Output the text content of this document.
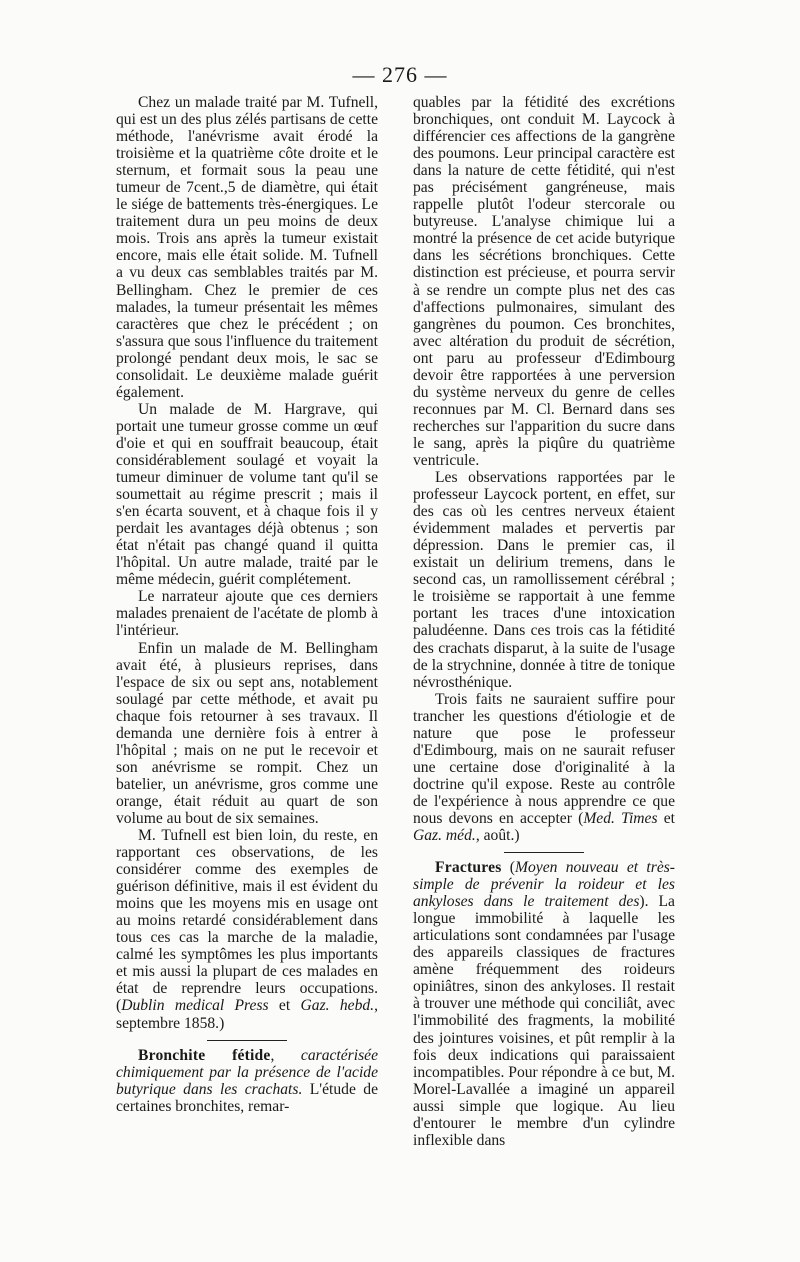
— 276 —

Chez un malade traité par M. Tufnell, qui est un des plus zélés partisans de cette méthode, l'anévrisme avait érodé la troisième et la quatrième côte droite et le sternum, et formait sous la peau une tumeur de 7cent.,5 de diamètre, qui était le siége de battements très-énergiques. Le traitement dura un peu moins de deux mois. Trois ans après la tumeur existait encore, mais elle était solide. M. Tufnell a vu deux cas semblables traités par M. Bellingham. Chez le premier de ces malades, la tumeur présentait les mêmes caractères que chez le précédent ; on s'assura que sous l'influence du traitement prolongé pendant deux mois, le sac se consolidait. Le deuxième malade guérit également.

Un malade de M. Hargrave, qui portait une tumeur grosse comme un œuf d'oie et qui en souffrait beaucoup, était considérablement soulagé et voyait la tumeur diminuer de volume tant qu'il se soumettait au régime prescrit ; mais il s'en écarta souvent, et à chaque fois il y perdait les avantages déjà obtenus ; son état n'était pas changé quand il quitta l'hôpital. Un autre malade, traité par le même médecin, guérit complétement.

Le narrateur ajoute que ces derniers malades prenaient de l'acétate de plomb à l'intérieur.

Enfin un malade de M. Bellingham avait été, à plusieurs reprises, dans l'espace de six ou sept ans, notablement soulagé par cette méthode, et avait pu chaque fois retourner à ses travaux. Il demanda une dernière fois à entrer à l'hôpital ; mais on ne put le recevoir et son anévrisme se rompit. Chez un batelier, un anévrisme, gros comme une orange, était réduit au quart de son volume au bout de six semaines.

M. Tufnell est bien loin, du reste, en rapportant ces observations, de les considérer comme des exemples de guérison définitive, mais il est évident du moins que les moyens mis en usage ont au moins retardé considérablement dans tous ces cas la marche de la maladie, calmé les symptômes les plus importants et mis aussi la plupart de ces malades en état de reprendre leurs occupations. (Dublin medical Press et Gaz. hebd., septembre 1858.)

Bronchite fétide, caractérisée chimiquement par la présence de l'acide butyrique dans les crachats. L'étude de certaines bronchites, remar-

quables par la fétidité des excrétions bronchiques, ont conduit M. Laycock à différencier ces affections de la gangrène des poumons. Leur principal caractère est dans la nature de cette fétidité, qui n'est pas précisément gangréneuse, mais rappelle plutôt l'odeur stercorale ou butyreuse. L'analyse chimique lui a montré la présence de cet acide butyrique dans les sécrétions bronchiques. Cette distinction est précieuse, et pourra servir à se rendre un compte plus net des cas d'affections pulmonaires, simulant des gangrènes du poumon. Ces bronchites, avec altération du produit de sécrétion, ont paru au professeur d'Edimbourg devoir être rapportées à une perversion du système nerveux du genre de celles reconnues par M. Cl. Bernard dans ses recherches sur l'apparition du sucre dans le sang, après la piqûre du quatrième ventricule.

Les observations rapportées par le professeur Laycock portent, en effet, sur des cas où les centres nerveux étaient évidemment malades et pervertis par dépression. Dans le premier cas, il existait un delirium tremens, dans le second cas, un ramollissement cérébral ; le troisième se rapportait à une femme portant les traces d'une intoxication paludéenne. Dans ces trois cas la fétidité des crachats disparut, à la suite de l'usage de la strychnine, donnée à titre de tonique névrosthénique.

Trois faits ne sauraient suffire pour trancher les questions d'étiologie et de nature que pose le professeur d'Edimbourg, mais on ne saurait refuser une certaine dose d'originalité à la doctrine qu'il expose. Reste au contrôle de l'expérience à nous apprendre ce que nous devons en accepter (Med. Times et Gaz. méd., août.)

Fractures (Moyen nouveau et très-simple de prévenir la roideur et les ankyloses dans le traitement des). La longue immobilité à laquelle les articulations sont condamnées par l'usage des appareils classiques de fractures amène fréquemment des roideurs opiniâtres, sinon des ankyloses. Il restait à trouver une méthode qui conciliât, avec l'immobilité des fragments, la mobilité des jointures voisines, et pût remplir à la fois deux indications qui paraissaient incompatibles. Pour répondre à ce but, M. Morel-Lavallée a imaginé un appareil aussi simple que logique. Au lieu d'entourer le membre d'un cylindre inflexible dans
